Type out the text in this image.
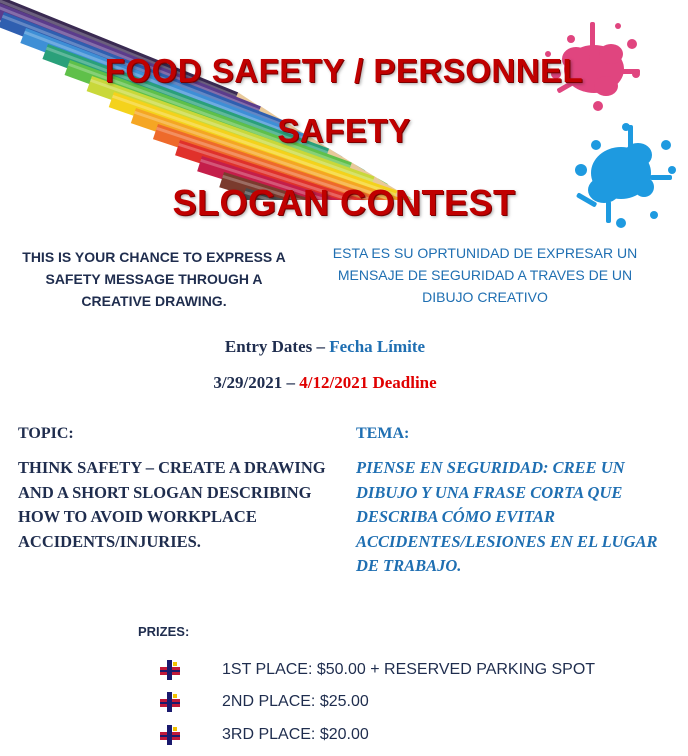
FOOD SAFETY / PERSONNEL
SAFETY
SLOGAN CONTEST
THIS IS YOUR CHANCE TO EXPRESS A SAFETY MESSAGE THROUGH A CREATIVE DRAWING.
ESTA ES SU OPRTUNIDAD DE EXPRESAR UN MENSAJE DE SEGURIDAD A TRAVES DE UN DIBUJO CREATIVO
Entry Dates – Fecha Límite
3/29/2021 – 4/12/2021 Deadline
TOPIC:	TEMA:
THINK SAFETY – CREATE A DRAWING AND A SHORT SLOGAN DESCRIBING HOW TO AVOID WORKPLACE ACCIDENTS/INJURIES.
PIENSE EN SEGURIDAD: CREE UN DIBUJO Y UNA FRASE CORTA QUE DESCRIBA CÓMO EVITAR ACCIDENTES/LESIONES EN EL LUGAR DE TRABAJO.
PRIZES:
1ST PLACE: $50.00 + RESERVED PARKING SPOT
2ND PLACE: $25.00
3RD PLACE: $20.00
